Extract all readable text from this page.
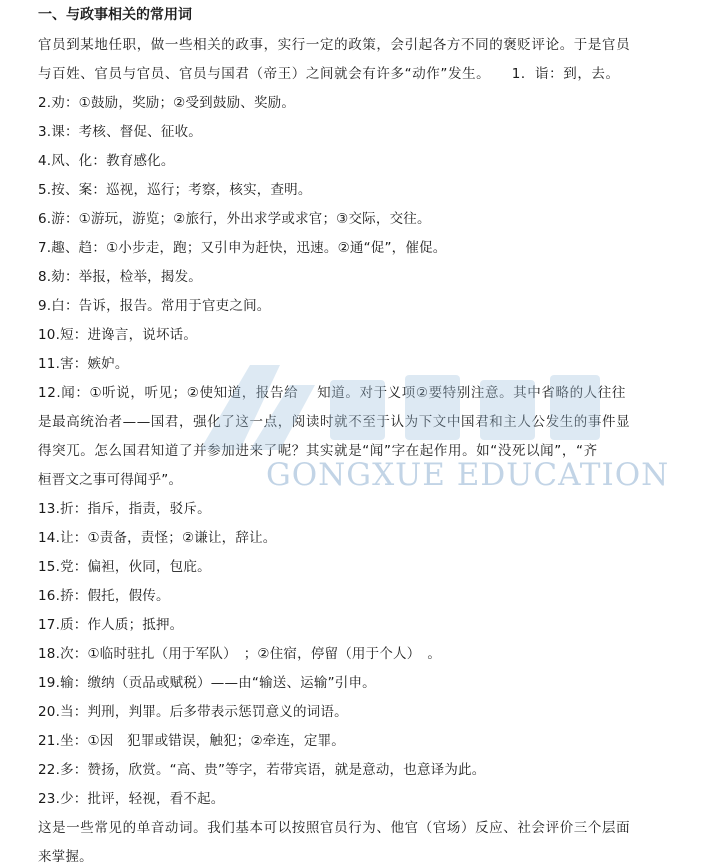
一、与政事相关的常用词
官员到某地任职，做一些相关的政事，实行一定的政策，会引起各方不同的褒贬评论。于是官员
与百姓、官员与官员、官员与国君（帝王）之间就会有许多“动作”发生。　　1．诣：到，去。
2.劝：①鼓励，奖励；②受到鼓励、奖励。
3.课：考核、督促、征收。
4.风、化：教育感化。
5.按、案：巡视，巡行；考察，核实，查明。
6.游：①游玩，游览；②旅行，外出求学或求官；③交际，交往。
7.趣、趋：①小步走，跑；又引申为赶快，迅速。②通“促”，催促。
8.劾：举报，检举，揭发。
9.白：告诉，报告。常用于官吏之间。
10.短：进谗言，说坏话。
11.害：嫉妒。
12.闻：①听说，听见；②使知道，报告给　 知道。对于义项②要特别注意。其中省略的人往往
是最高统治者——国君，强化了这一点，阅读时就不至于认为下文中国君和主人公发生的事件显
得突兀。怎么国君知道了并参加进来了呢？其实就是“闻”字在起作用。如“没死以闻”，“齐
桓晋文之事可得闻乎”。
13.折：指斥，指责，驳斥。
14.让：①责备，责怪；②谦让，辞让。
15.党：偏袒，伙同，包庇。
16.挢：假托，假传。
17.质：作人质；抵押。
18.次：①临时驻扎（用于军队）　；②住宿，停留（用于个人）　。
19.输：缴纳（贡品或赋税）——由“输送、运输”引申。
20.当：判刑，判罪。后多带表示惩罚意义的词语。
21.坐：①因　犯罪或错误，触犯；②牵连，定罪。
22.多：赞扬，欣赏。“高、贵”等字，若带宾语，就是意动，也意译为此。
23.少：批评，轻视，看不起。
这是一些常见的单音动词。我们基本可以按照官员行为、他官（官场）反应、社会评价三个层面
来掌握。
GONGXUE EDUCATION
